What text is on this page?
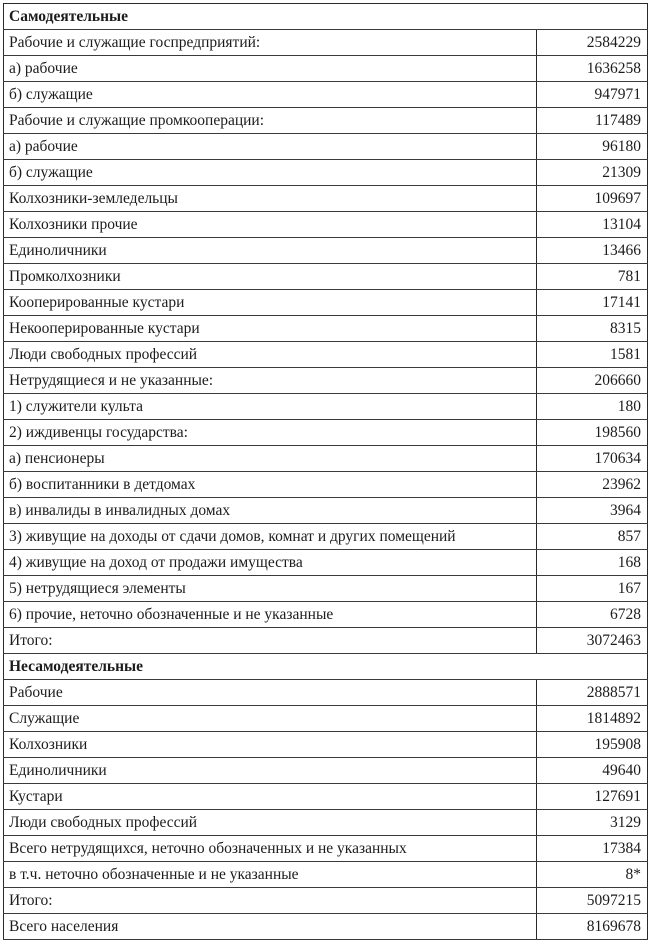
Самодеятельные	
Рабочие и служащие госпредприятий:	2584229
а) рабочие	1636258
б) служащие	947971
Рабочие и служащие промкооперации:	117489
а) рабочие	96180
б) служащие	21309
Колхозники-земледельцы	109697
Колхозники прочие	13104
Единоличники	13466
Промколхозники	781
Кооперированные кустари	17141
Некооперированные кустари	8315
Люди свободных профессий	1581
Нетрудящиеся и не указанные:	206660
1) служители культа	180
2) иждивенцы государства:	198560
а) пенсионеры	170634
б) воспитанники в детдомах	23962
в) инвалиды в инвалидных домах	3964
3) живущие на доходы от сдачи домов, комнат и других помещений	857
4) живущие на доход от продажи имущества	168
5) нетрудящиеся элементы	167
6) прочие, неточно обозначенные и не указанные	6728
Итого:	3072463
Несамодеятельные	
Рабочие	2888571
Служащие	1814892
Колхозники	195908
Единоличники	49640
Кустари	127691
Люди свободных профессий	3129
Всего нетрудящихся, неточно обозначенных и не указанных	17384
в т.ч. неточно обозначенные и не указанные	8*
Итого:	5097215
Всего населения	8169678
